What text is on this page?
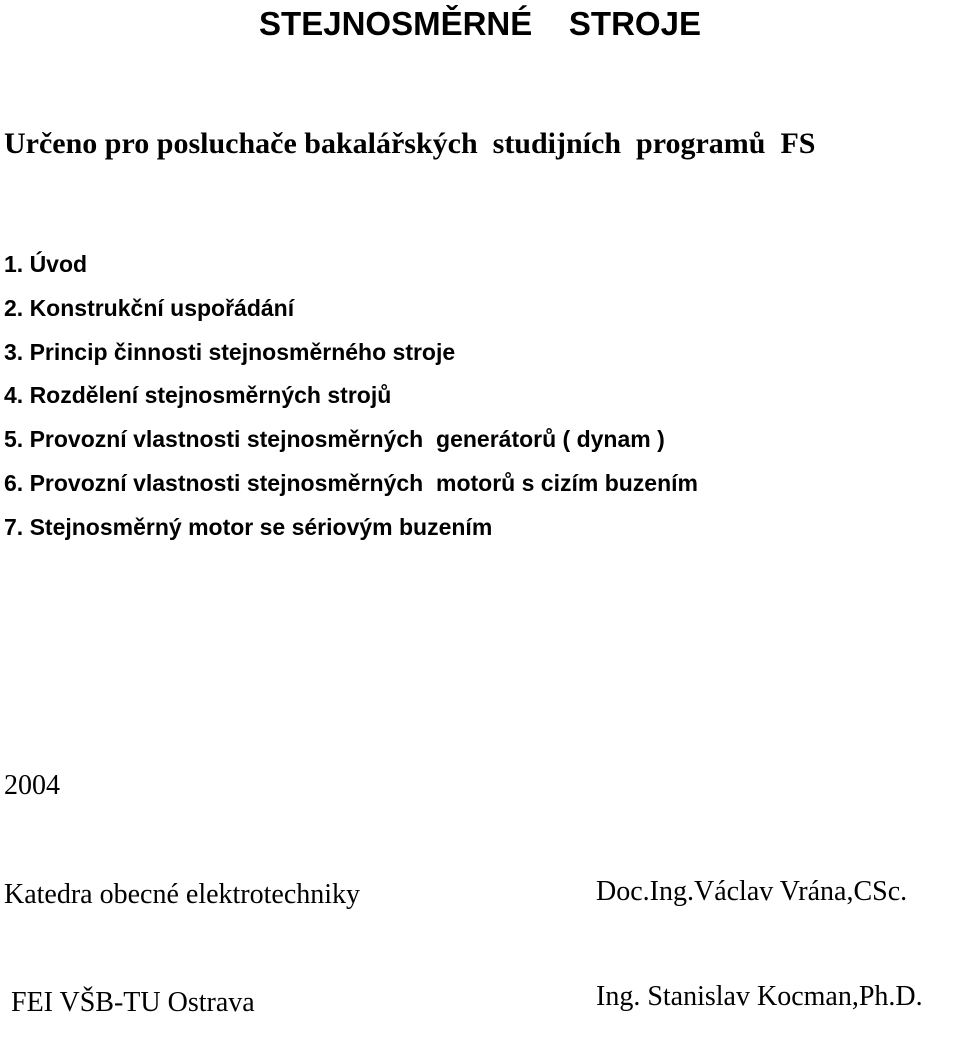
STEJNOSMĚRNÉ    STROJE

Určeno pro posluchače bakalářských  studijních  programů  FS

1. Úvod
2. Konstrukční uspořádání
3. Princip činnosti stejnosměrného stroje
4. Rozdělení stejnosměrných strojů
5. Provozní vlastnosti stejnosměrných  generátorů ( dynam )
6. Provozní vlastnosti stejnosměrných  motorů s cizím buzením
7. Stejnosměrný motor se sériovým buzením

2004

Katedra obecné elektrotechniky

FEI VŠB-TU Ostrava

Doc.Ing.Václav Vrána,CSc.

Ing. Stanislav Kocman,Ph.D.
